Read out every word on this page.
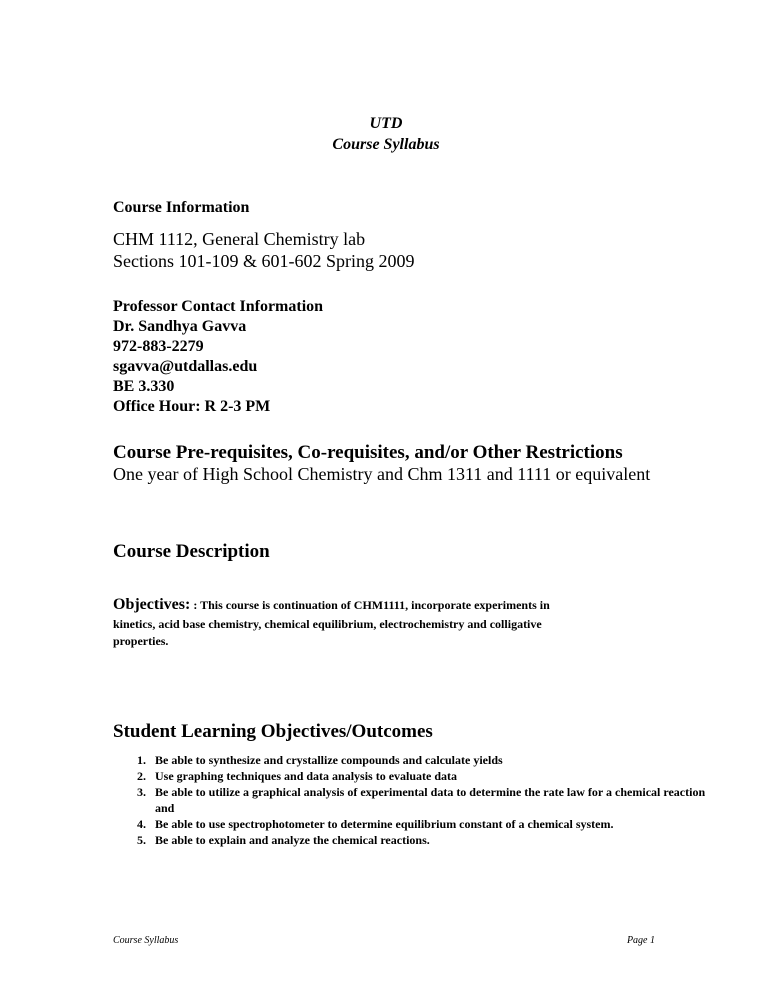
UTD
Course Syllabus
Course Information
CHM 1112, General Chemistry lab
Sections 101-109 & 601-602 Spring 2009
Professor Contact Information
Dr. Sandhya Gavva
972-883-2279
sgavva@utdallas.edu
BE 3.330
Office Hour: R 2-3 PM
Course Pre-requisites, Co-requisites, and/or Other Restrictions
One year of High School Chemistry and Chm 1311 and 1111 or equivalent
Course Description
Objectives: : This course is continuation of CHM1111, incorporate experiments in
kinetics, acid base chemistry, chemical equilibrium, electrochemistry and colligative
properties.
Student Learning Objectives/Outcomes
1. Be able to synthesize and crystallize compounds and calculate yields
2. Use graphing techniques and data analysis to evaluate data
3. Be able to utilize a graphical analysis of experimental data to determine the rate law for a chemical reaction and
4. Be able to use spectrophotometer to determine equilibrium constant of a chemical system.
5. Be able to explain and analyze the chemical reactions.
Course Syllabus	Page 1
